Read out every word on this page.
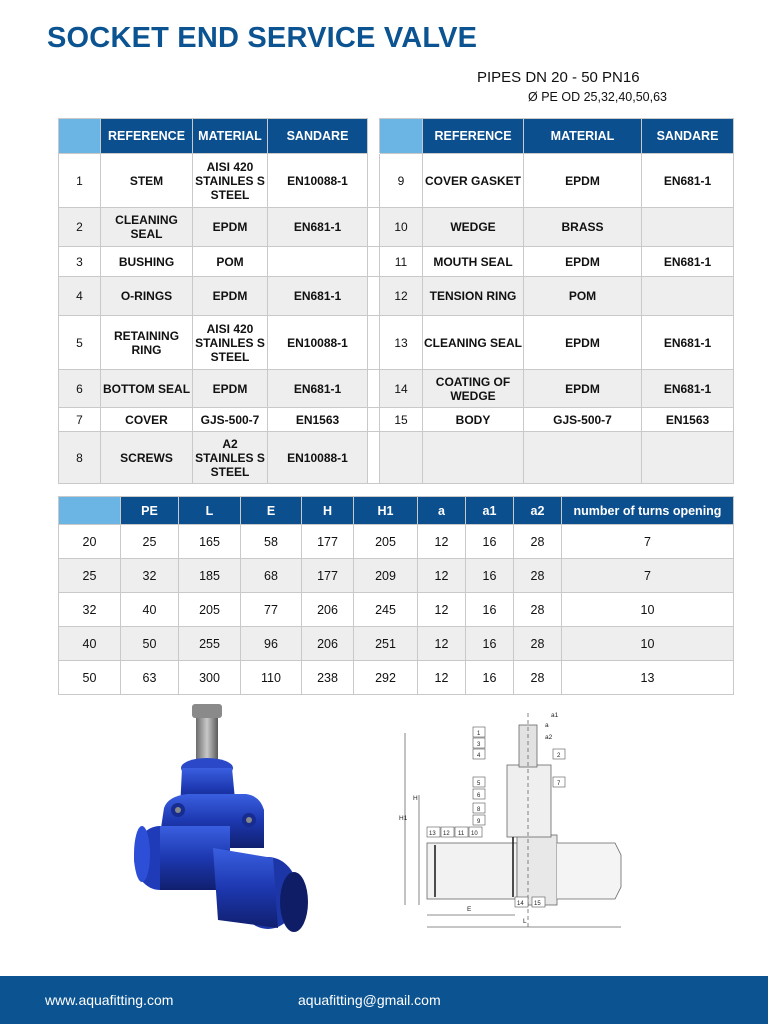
SOCKET END SERVICE VALVE
PIPES DN 20 - 50 PN16
Ø PE OD 25,32,40,50,63
	REFERENCE	MATERIAL	SANDARE			REFERENCE	MATERIAL	SANDARE
1	STEM	AISI 420 STAINLES S STEEL	EN10088-1		9	COVER GASKET	EPDM	EN681-1
2	CLEANING SEAL	EPDM	EN681-1		10	WEDGE	BRASS	
3	BUSHING	POM			11	MOUTH SEAL	EPDM	EN681-1
4	O-RINGS	EPDM	EN681-1		12	TENSION RING	POM	
5	RETAINING RING	AISI 420 STAINLES S STEEL	EN10088-1		13	CLEANING SEAL	EPDM	EN681-1
6	BOTTOM SEAL	EPDM	EN681-1		14	COATING OF WEDGE	EPDM	EN681-1
7	COVER	GJS-500-7	EN1563		15	BODY	GJS-500-7	EN1563
8	SCREWS	A2 STAINLES S STEEL	EN10088-1					
	PE	L	E	H	H1	a	a1	a2	number of turns opening
20	25	165	58	177	205	12	16	28	7
25	32	185	68	177	209	12	16	28	7
32	40	205	77	206	245	12	16	28	10
40	50	255	96	206	251	12	16	28	10
50	63	300	110	238	292	12	16	28	13
a1
a
a2
H1
H
E
L
1
3
4	2
5	7
6
8
9
13 12 11 10
14 15
www.aquafitting.com	aquafitting@gmail.com
